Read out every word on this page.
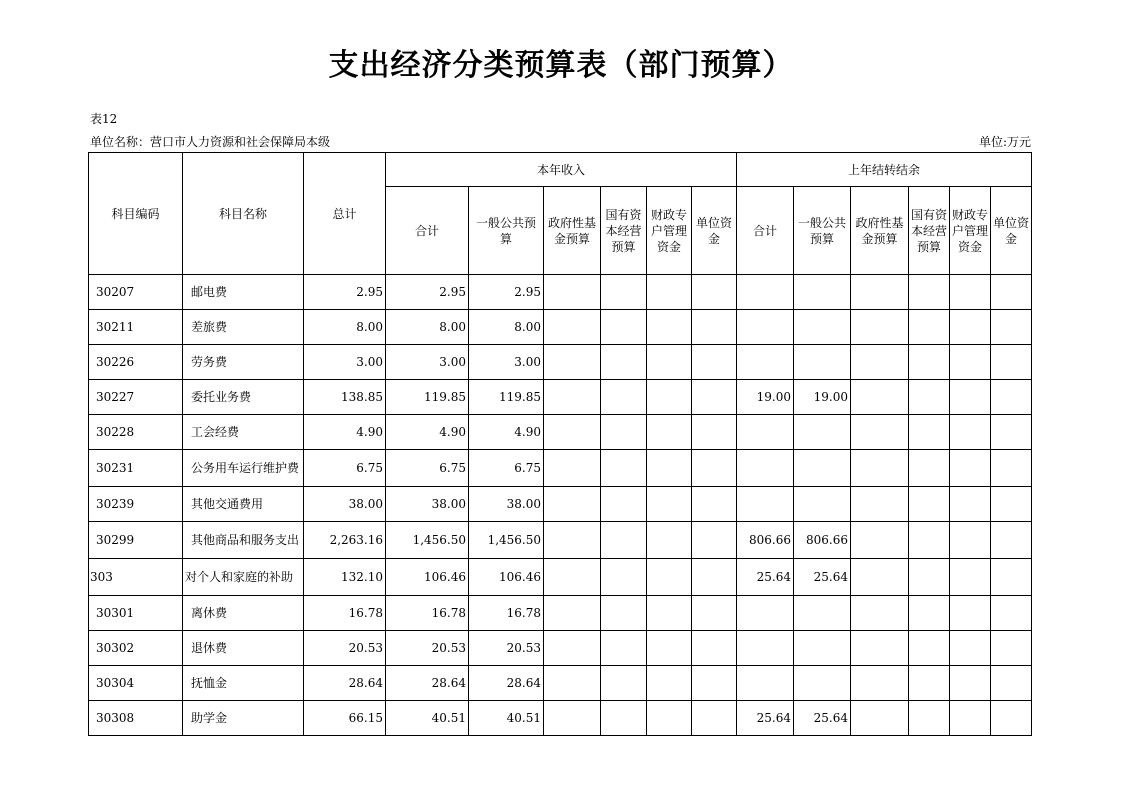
支出经济分类预算表（部门预算）
表12
单位名称：营口市人力资源和社会保障局本级	单位:万元
科目编码	科目名称	总计	本年收入						上年结转结余					
			合计	一般公共预算	政府性基金预算	国有资本经营预算	财政专户管理资金	单位资金	合计	一般公共预算	政府性基金预算	国有资本经营预算	财政专户管理资金	单位资金
30207	邮电费	2.95	2.95	2.95										
30211	差旅费	8.00	8.00	8.00										
30226	劳务费	3.00	3.00	3.00										
30227	委托业务费	138.85	119.85	119.85					19.00	19.00				
30228	工会经费	4.90	4.90	4.90										
30231	公务用车运行维护费	6.75	6.75	6.75										
30239	其他交通费用	38.00	38.00	38.00										
30299	其他商品和服务支出	2,263.16	1,456.50	1,456.50					806.66	806.66				
303	对个人和家庭的补助	132.10	106.46	106.46					25.64	25.64				
30301	离休费	16.78	16.78	16.78										
30302	退休费	20.53	20.53	20.53										
30304	抚恤金	28.64	28.64	28.64										
30308	助学金	66.15	40.51	40.51					25.64	25.64				
